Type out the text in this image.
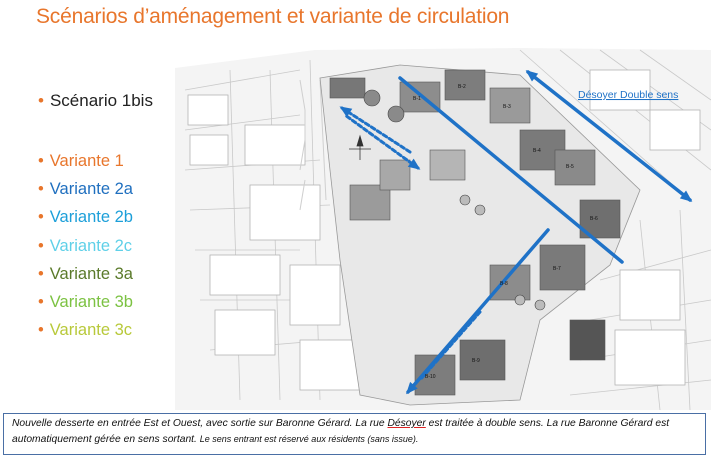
Scénarios d’aménagement et variante de circulation
• Scénario 1bis
• Variante 1
• Variante 2a
• Variante 2b
• Variante 2c
• Variante 3a
• Variante 3b
• Variante 3c
Désoyer Double sens
B-1
B-2
B-3
B-4
B-5
B-6
B-7
B-8
B-9
B-10
Nouvelle desserte en entrée Est et Ouest, avec sortie sur Baronne Gérard. La rue Désoyer est traitée à double sens. La rue Baronne Gérard est automatiquement gérée en sens sortant. Le sens entrant est réservé aux résidents (sans issue).
